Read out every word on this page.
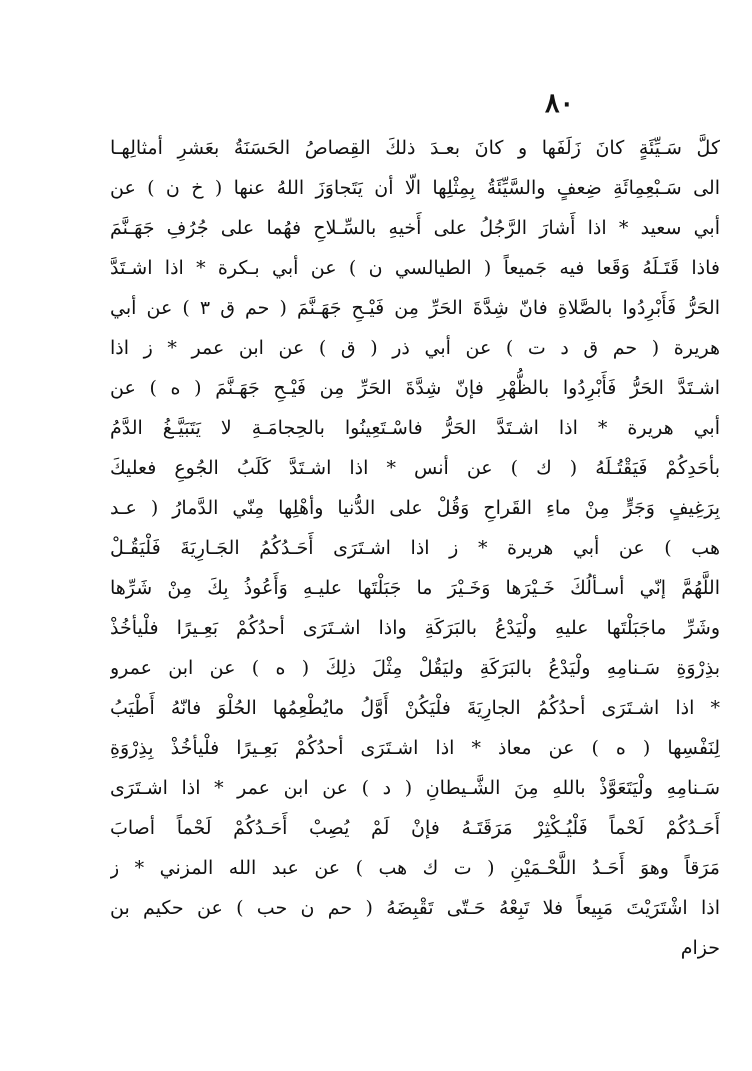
٨٠
كلَّ سَـيِّئَةٍ كانَ زَلَفَها و كانَ بعـدَ ذلكَ القِصاصُ الحَسَنَةُ بعَشرِ أمثالِهـا
الى سَـبْعِمِائَةِ ضِعفٍ والسَّيِّئَةُ بِمِثْلِها الّا أن يَتَجاوَزَ اللهُ عنها ( خ ن ) عن
أبي سعيد * اذا أَشارَ الرَّجُلُ على أَخيهِ بالسِّـلاحِ فهُما على جُرُفِ جَهَـنَّمَ
فاذا قَتَـلَهُ وَقَعا فيه جَميعاً ( الطيالسي ن ) عن أبي بـكرة * اذا اشـتَدَّ
الحَرُّ فَأَبْرِدُوا بالصَّلاةِ فانّ شِدَّةَ الحَرِّ مِن فَيْـحِ جَهَـنَّمَ ( حم ق ٣ ) عن أبي
هريرة ( حم ق د ت ) عن أبي ذر ( ق ) عن ابن عمر * ز اذا
اشـتَدَّ الحَرُّ فَأَبْرِدُوا بالظُّهْرِ فإنّ شِدَّةَ الحَرِّ مِن فَيْـحِ جَهَـنَّمَ ( ه ) عن
أبي هريرة * اذا اشـتَدَّ الحَرُّ فاسْـتَعِينُوا بالحِجامَـةِ لا يَتَبَيَّـغُ الدَّمُ
بأحَدِكُمْ فَيَقْتُـلَهُ ( ك ) عن أنس * اذا اشـتَدَّ كَلَبُ الجُوعِ فعليكَ
بِرَغِيفٍ وَجَرٍّ مِنْ ماءِ القَراحِ وَقُلْ على الدُّنيا وأهْلِها مِنّي الدَّمارُ ( عـد
هب ) عن أبي هريرة * ز اذا اشـتَرَى أَحَـدُكُمُ الجَـارِيَةَ فَلْيَقُـلْ
اللَّهُمَّ إنّي أسـألُكَ خَـيْرَها وَخَـيْرَ ما جَبَلْتَها عليـهِ وَأَعُوذُ بِكَ مِنْ شَرِّها
وشَرِّ ماجَبَلْتَها عليهِ ولْيَدْعُ بالبَرَكَةِ واذا اشـتَرَى أحدُكُمْ بَعِـيرًا فلْيأخُذْ
بذِرْوَةِ سَـنامِهِ ولْيَدْعُ بالبَرَكَةِ وليَقُلْ مِثْلَ ذلِكَ ( ه ) عن ابن عمرو
* اذا اشـتَرَى أحدُكُمُ الجارِيَةَ فلْيَكُنْ أَوَّلُ مايُطْعِمُها الحُلْوَ فانّهُ أَطْيَبُ
لِنَفْسِها ( ه ) عن معاذ * اذا اشـتَرَى أحدُكُمْ بَعِـيرًا فلْيأخُذْ بِذِرْوَةِ
سَـنامِهِ ولْيَتَعَوَّذْ باللهِ مِنَ الشَّـيطانِ ( د ) عن ابن عمر * اذا اشـتَرَى
أَحَـدُكُمْ لَحْماً فَلْيُـكْثِرْ مَرَقَتَـهُ فإنْ لَمْ يُصِبْ أَحَـدُكُمْ لَحْماً أصابَ
مَرَقاً وهوَ أَحَـدُ اللَّحْـمَيْنِ ( ت ك هب ) عن عبد الله المزني * ز
اذا اشْتَرَيْتَ مَبِيعاً فلا تَبِعْهُ حَـتّى تَقْبِضَهُ ( حم ن حب ) عن حكيم بن
حزام
